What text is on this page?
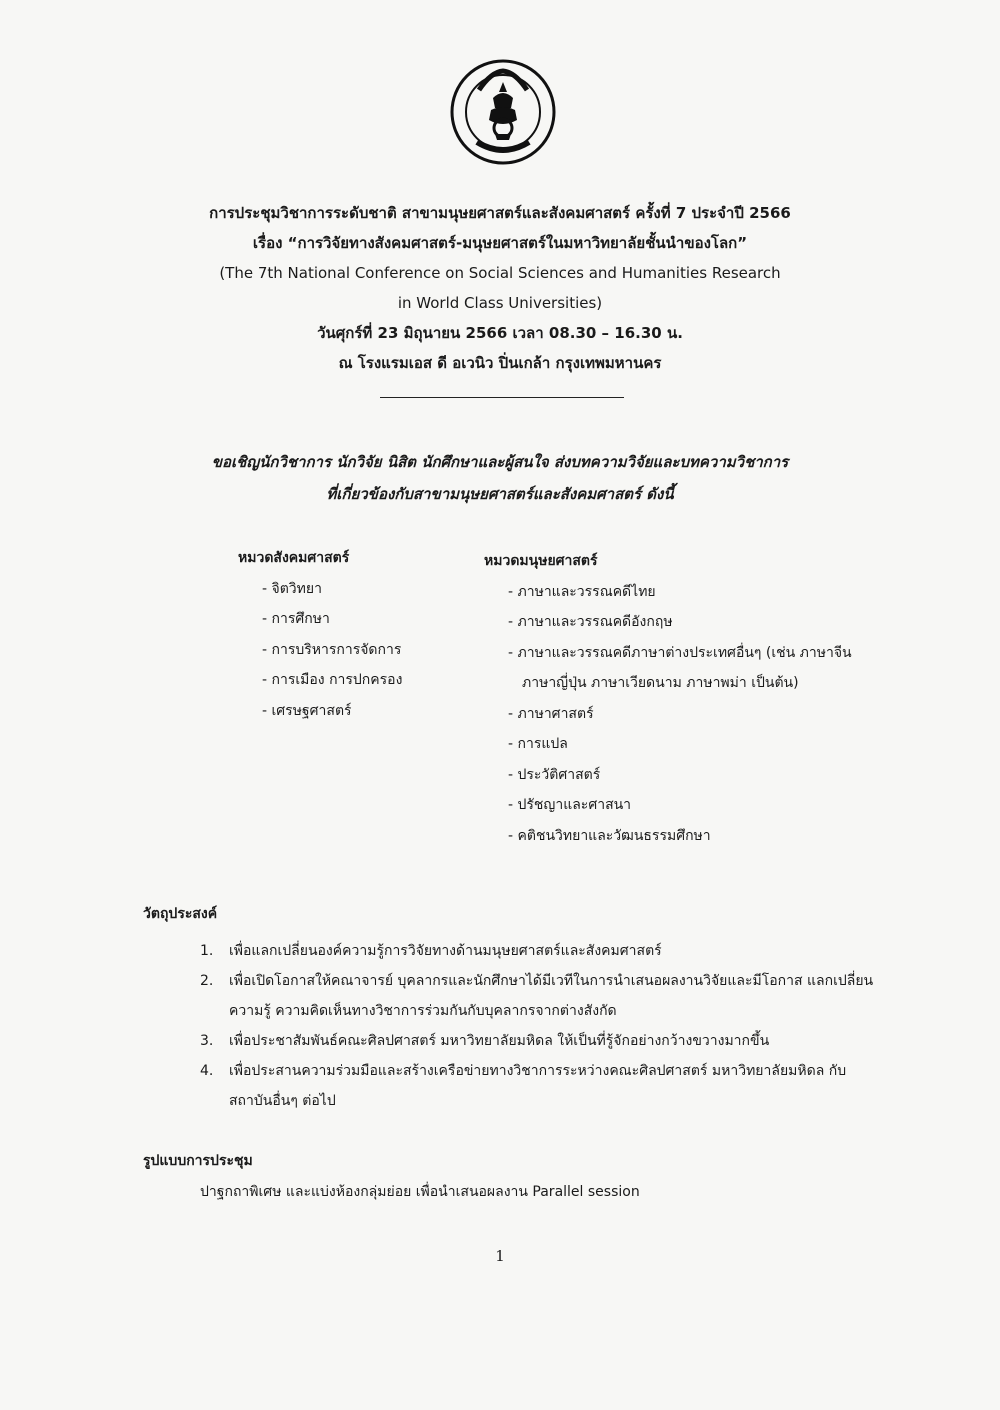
การประชุมวิชาการระดับชาติ สาขามนุษยศาสตร์และสังคมศาสตร์ ครั้งที่ 7 ประจำปี 2566
เรื่อง “การวิจัยทางสังคมศาสตร์-มนุษยศาสตร์ในมหาวิทยาลัยชั้นนำของโลก”
(The 7th National Conference on Social Sciences and Humanities Research
in World Class Universities)
วันศุกร์ที่ 23 มิถุนายน 2566 เวลา 08.30 – 16.30 น.
ณ โรงแรมเอส ดี อเวนิว ปิ่นเกล้า กรุงเทพมหานคร
ขอเชิญนักวิชาการ นักวิจัย นิสิต นักศึกษาและผู้สนใจ ส่งบทความวิจัยและบทความวิชาการ
ที่เกี่ยวข้องกับสาขามนุษยศาสตร์และสังคมศาสตร์ ดังนี้
หมวดสังคมศาสตร์
- จิตวิทยา
- การศึกษา
- การบริหารการจัดการ
- การเมือง การปกครอง
- เศรษฐศาสตร์
หมวดมนุษยศาสตร์
- ภาษาและวรรณคดีไทย
- ภาษาและวรรณคดีอังกฤษ
- ภาษาและวรรณคดีภาษาต่างประเทศอื่นๆ (เช่น ภาษาจีน
ภาษาญี่ปุ่น ภาษาเวียดนาม ภาษาพม่า เป็นต้น)
- ภาษาศาสตร์
- การแปล
- ประวัติศาสตร์
- ปรัชญาและศาสนา
- คติชนวิทยาและวัฒนธรรมศึกษา
วัตถุประสงค์
1.	เพื่อแลกเปลี่ยนองค์ความรู้การวิจัยทางด้านมนุษยศาสตร์และสังคมศาสตร์
2.	เพื่อเปิดโอกาสให้คณาจารย์ บุคลากรและนักศึกษาได้มีเวทีในการนำเสนอผลงานวิจัยและมีโอกาส แลกเปลี่ยนความรู้ ความคิดเห็นทางวิชาการร่วมกันกับบุคลากรจากต่างสังกัด
3.	เพื่อประชาสัมพันธ์คณะศิลปศาสตร์ มหาวิทยาลัยมหิดล ให้เป็นที่รู้จักอย่างกว้างขวางมากขึ้น
4.	เพื่อประสานความร่วมมือและสร้างเครือข่ายทางวิชาการระหว่างคณะศิลปศาสตร์ มหาวิทยาลัยมหิดล กับสถาบันอื่นๆ ต่อไป
รูปแบบการประชุม
ปาฐกถาพิเศษ และแบ่งห้องกลุ่มย่อย เพื่อนำเสนอผลงาน Parallel session
1
